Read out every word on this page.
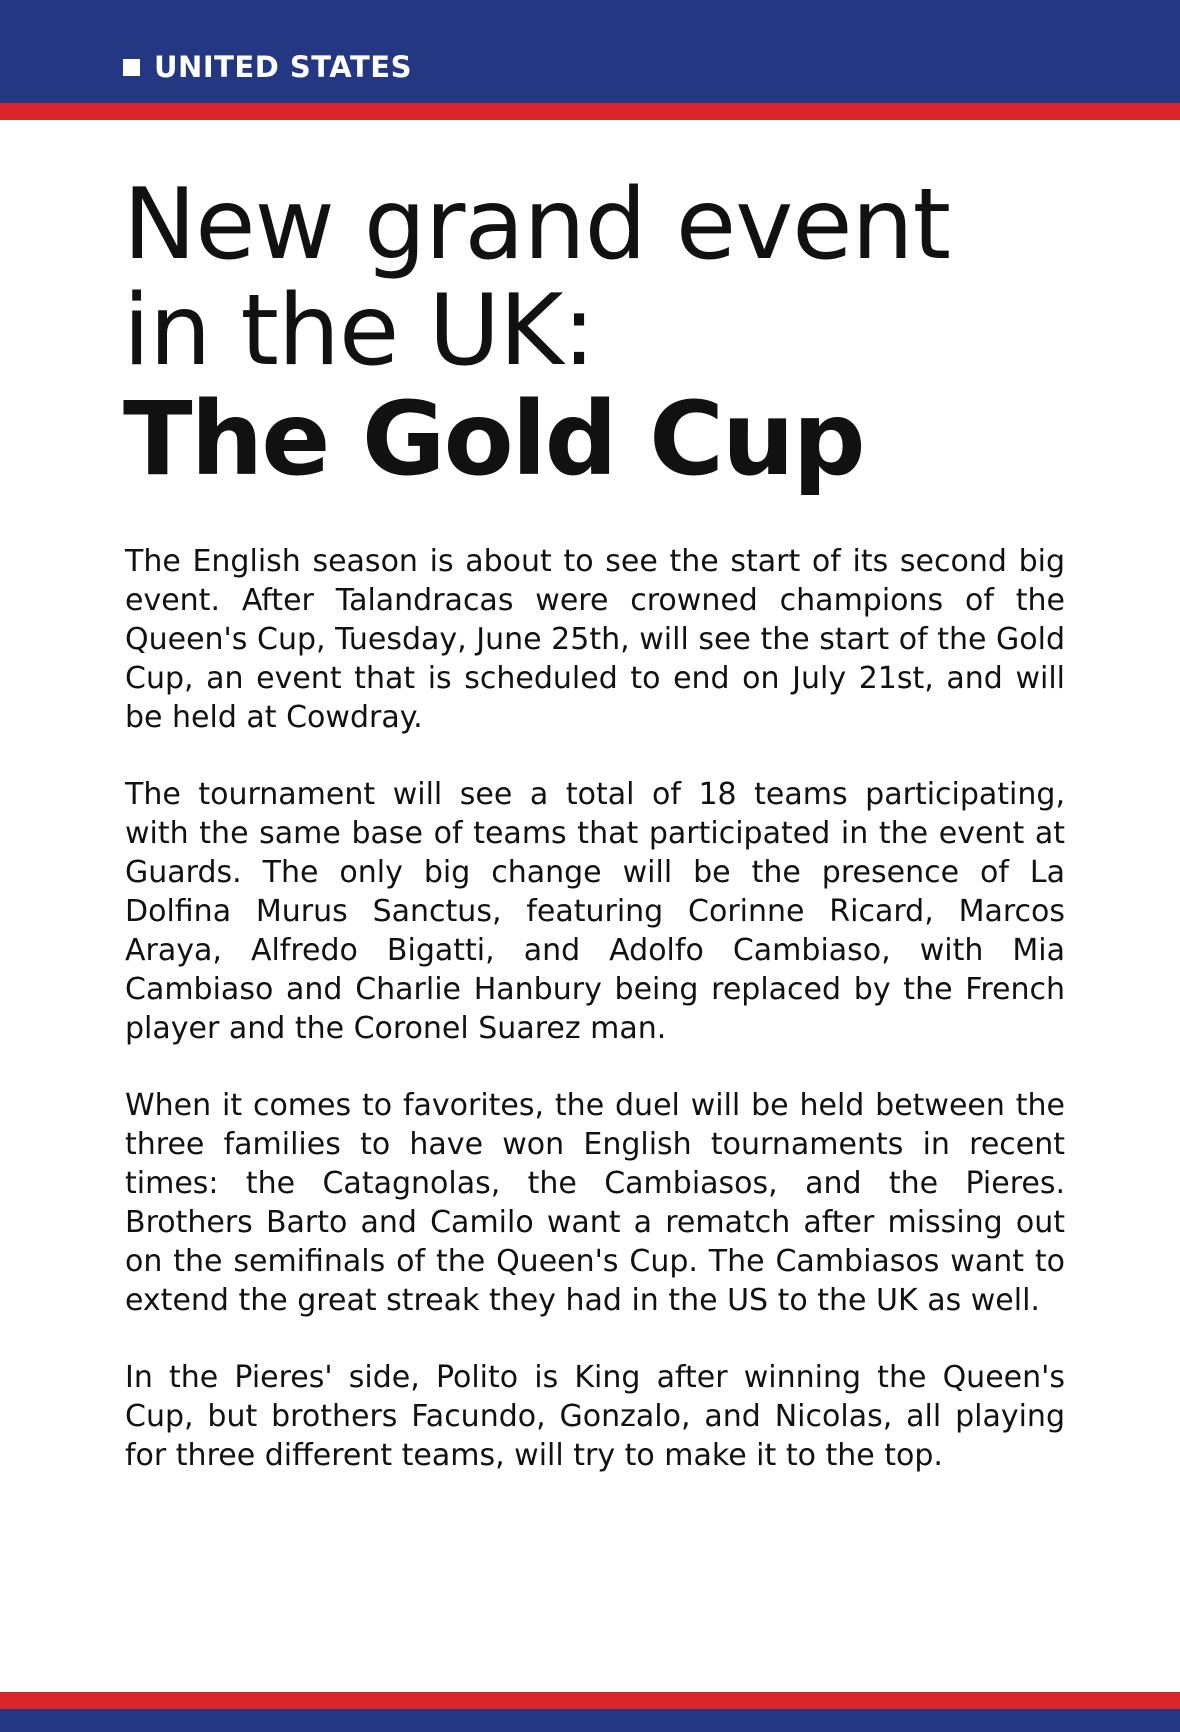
UNITED STATES
New grand event
in the UK:
The Gold Cup

The English season is about to see the start of its second big event. After Talandracas were crowned champions of the Queen's Cup, Tuesday, June 25th, will see the start of the Gold Cup, an event that is scheduled to end on July 21st, and will be held at Cowdray.

The tournament will see a total of 18 teams participating, with the same base of teams that participated in the event at Guards. The only big change will be the presence of La Dolfina Murus Sanctus, featuring Corinne Ricard, Marcos Araya, Alfredo Bigatti, and Adolfo Cambiaso, with Mia Cambiaso and Charlie Hanbury being replaced by the French player and the Coronel Suarez man.

When it comes to favorites, the duel will be held between the three families to have won English tournaments in recent times: the Catagnolas, the Cambiasos, and the Pieres. Brothers Barto and Camilo want a rematch after missing out on the semifinals of the Queen's Cup. The Cambiasos want to extend the great streak they had in the US to the UK as well.

In the Pieres' side, Polito is King after winning the Queen's Cup, but brothers Facundo, Gonzalo, and Nicolas, all playing for three different teams, will try to make it to the top.
